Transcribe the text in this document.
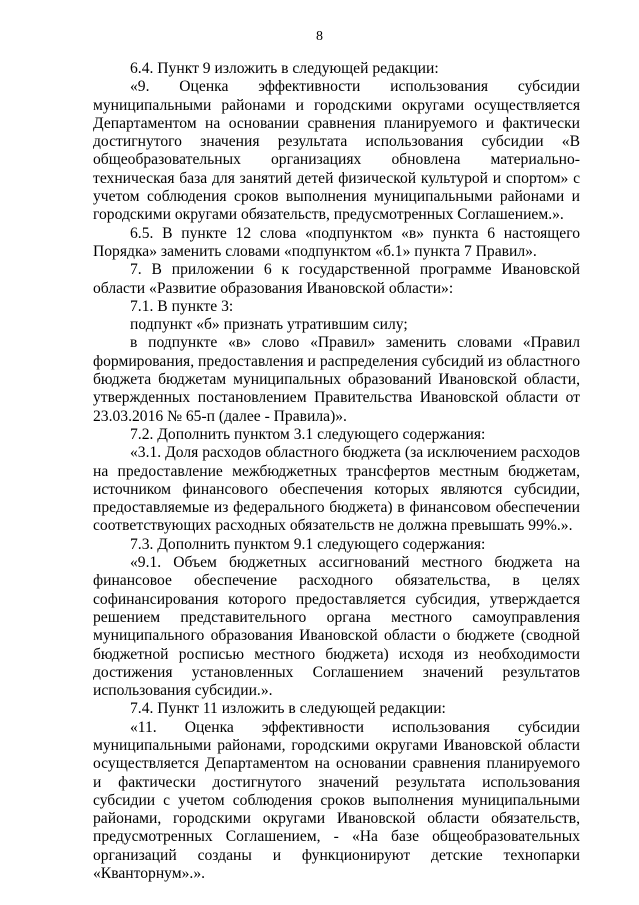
8

6.4. Пункт 9 изложить в следующей редакции:

«9. Оценка эффективности использования субсидии муниципальными районами и городскими округами осуществляется Департаментом на основании сравнения планируемого и фактически достигнутого значения результата использования субсидии «В общеобразовательных организациях обновлена материально-техническая база для занятий детей физической культурой и спортом» с учетом соблюдения сроков выполнения муниципальными районами и городскими округами обязательств, предусмотренных Соглашением.».

6.5. В пункте 12 слова «подпунктом «в» пункта 6 настоящего Порядка» заменить словами «подпунктом «б.1» пункта 7 Правил».

7. В приложении 6 к государственной программе Ивановской области «Развитие образования Ивановской области»:

7.1. В пункте 3:

подпункт «б» признать утратившим силу;

в подпункте «в» слово «Правил» заменить словами «Правил формирования, предоставления и распределения субсидий из областного бюджета бюджетам муниципальных образований Ивановской области, утвержденных постановлением Правительства Ивановской области от 23.03.2016 № 65-п (далее - Правила)».

7.2. Дополнить пунктом 3.1 следующего содержания:

«3.1. Доля расходов областного бюджета (за исключением расходов на предоставление межбюджетных трансфертов местным бюджетам, источником финансового обеспечения которых являются субсидии, предоставляемые из федерального бюджета) в финансовом обеспечении соответствующих расходных обязательств не должна превышать 99%.».

7.3. Дополнить пунктом 9.1 следующего содержания:

«9.1. Объем бюджетных ассигнований местного бюджета на финансовое обеспечение расходного обязательства, в целях софинансирования которого предоставляется субсидия, утверждается решением представительного органа местного самоуправления муниципального образования Ивановской области о бюджете (сводной бюджетной росписью местного бюджета) исходя из необходимости достижения установленных Соглашением значений результатов использования субсидии.».

7.4. Пункт 11 изложить в следующей редакции:

«11. Оценка эффективности использования субсидии муниципальными районами, городскими округами Ивановской области осуществляется Департаментом на основании сравнения планируемого и фактически достигнутого значений результата использования субсидии с учетом соблюдения сроков выполнения муниципальными районами, городскими округами Ивановской области обязательств, предусмотренных Соглашением, - «На базе общеобразовательных организаций созданы и функционируют детские технопарки «Кванторнум».».
